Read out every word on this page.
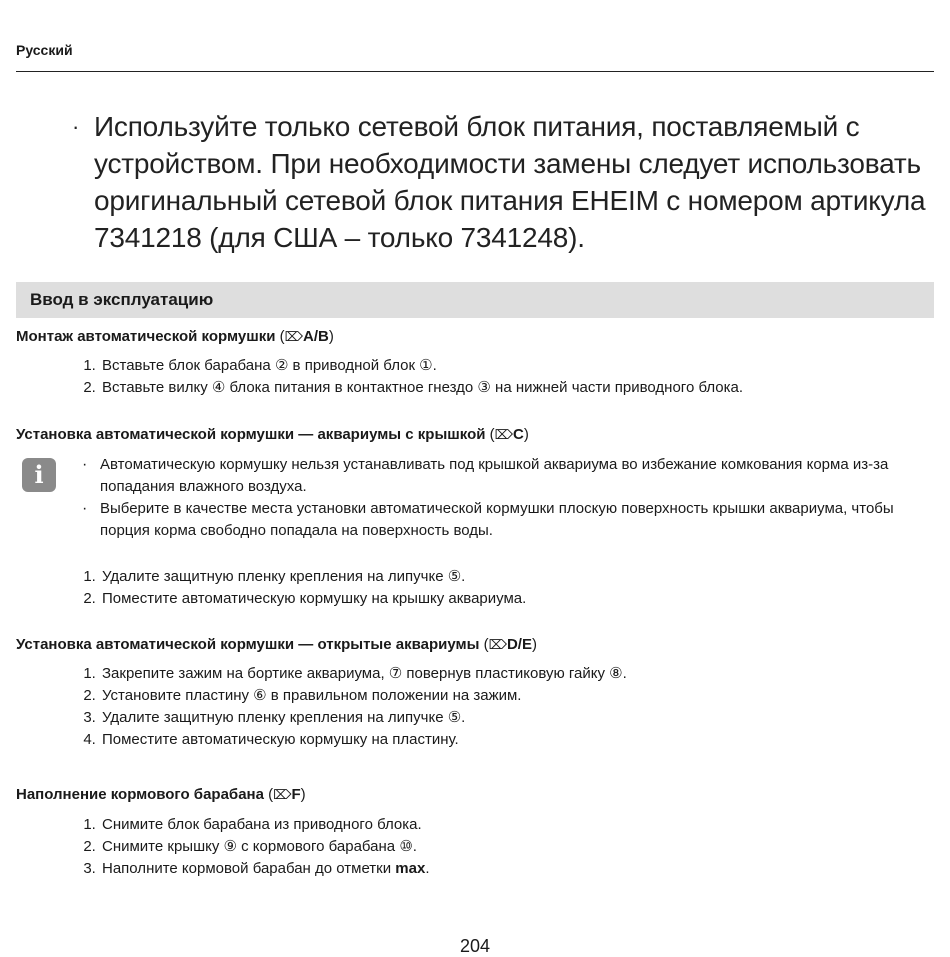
Русский
· Используйте только сетевой блок питания, поставляемый с устройством. При необходимости замены следует использовать оригинальный сетевой блок питания EHEIM с номером артикула 7341218 (для США – только 7341248).
Ввод в эксплуатацию
Монтаж автоматической кормушки (⌦A/B)
1. Вставьте блок барабана ② в приводной блок ①.
2. Вставьте вилку ④ блока питания в контактное гнездо ③ на нижней части приводного блока.
Установка автоматической кормушки — аквариумы с крышкой (⌦C)
i
·	Автоматическую кормушку нельзя устанавливать под крышкой аквариума во избежание комкования корма из-за попадания влажного воздуха.
· Выберите в качестве места установки автоматической кормушки плоскую поверхность крышки аквариума, чтобы порция корма свободно попадала на поверхность воды.
1. Удалите защитную пленку крепления на липучке ⑤.
2. Поместите автоматическую кормушку на крышку аквариума.
Установка автоматической кормушки — открытые аквариумы (⌦D/E)
1. Закрепите зажим на бортике аквариума, ⑦ повернув пластиковую гайку ⑧.
2. Установите пластину ⑥ в правильном положении на зажим.
3. Удалите защитную пленку крепления на липучке ⑤.
4. Поместите автоматическую кормушку на пластину.
Наполнение кормового барабана (⌦F)
1. Снимите блок барабана из приводного блока.
2. Снимите крышку ⑨ с кормового барабана ⑩.
3. Наполните кормовой барабан до отметки max.
204
